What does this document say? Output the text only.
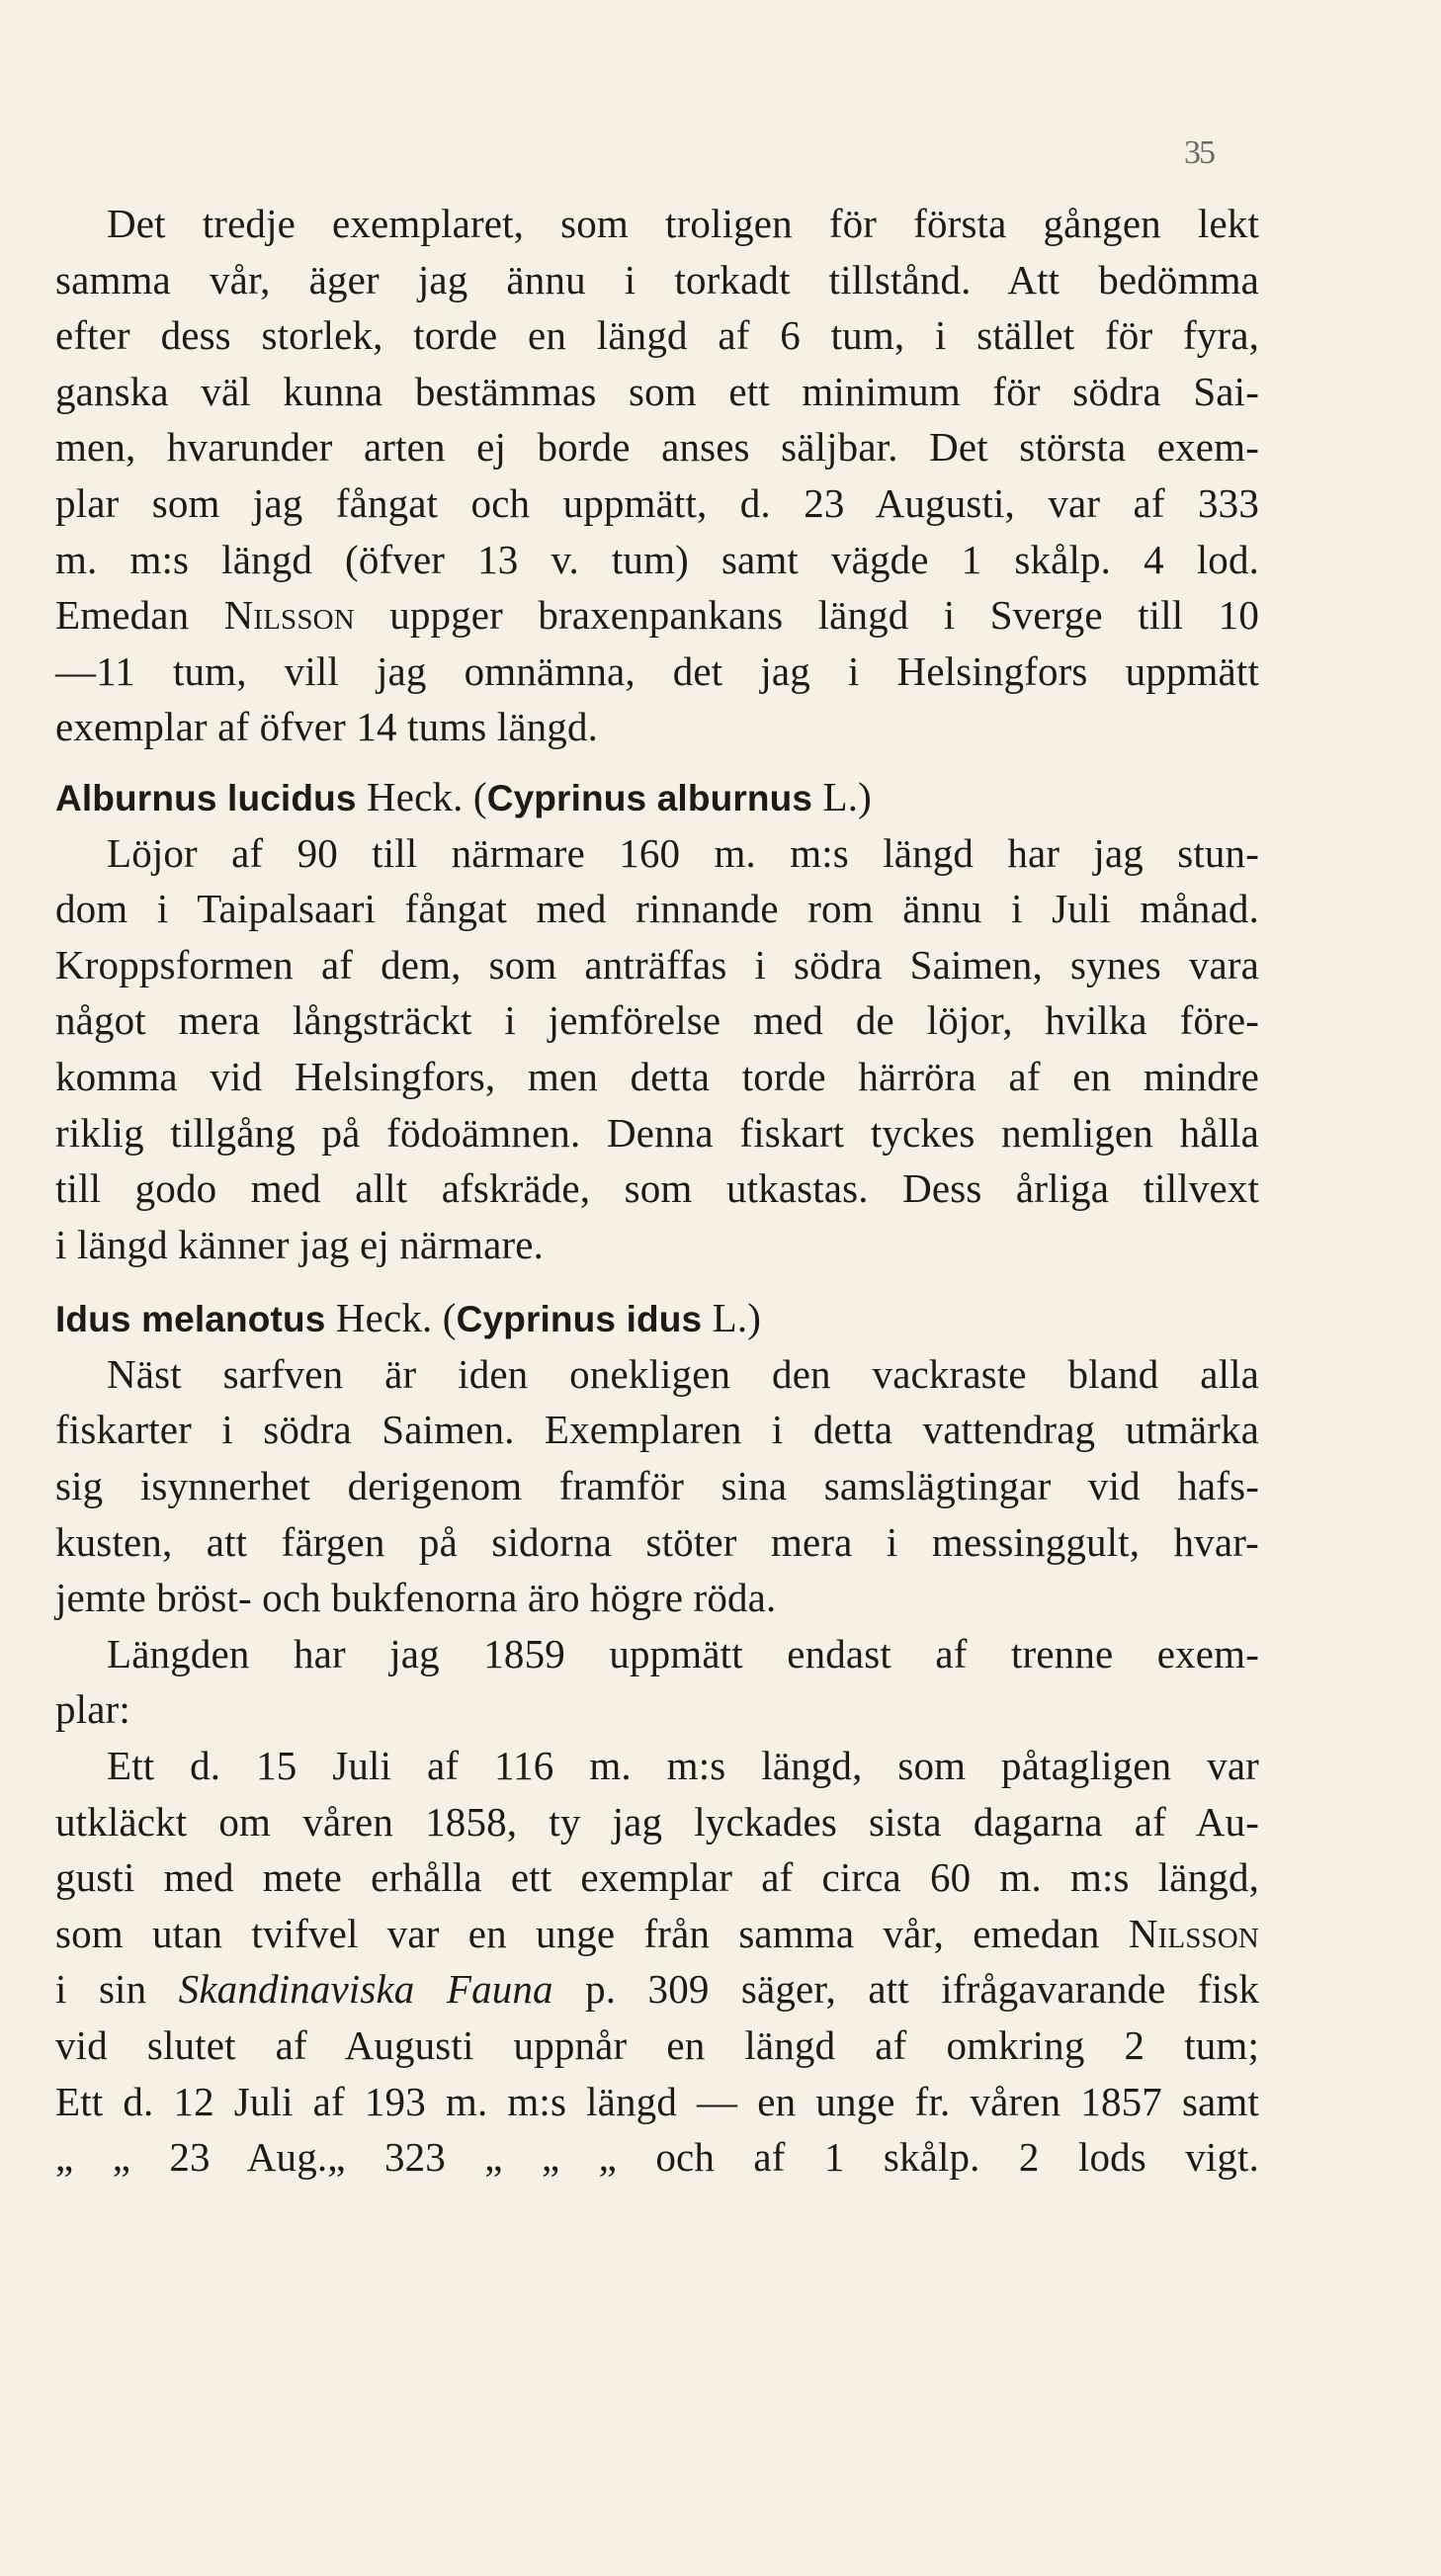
35
Det tredje exemplaret, som troligen för första gången lekt
samma vår, äger jag ännu i torkadt tillstånd. Att bedömma
efter dess storlek, torde en längd af 6 tum, i stället för fyra,
ganska väl kunna bestämmas som ett minimum för södra Sai-
men, hvarunder arten ej borde anses säljbar. Det största exem-
plar som jag fångat och uppmätt, d. 23 Augusti, var af 333
m. m:s längd (öfver 13 v. tum) samt vägde 1 skålp. 4 lod.
Emedan Nilsson uppger braxenpankans längd i Sverge till 10
—11 tum, vill jag omnämna, det jag i Helsingfors uppmätt
exemplar af öfver 14 tums längd.
Alburnus lucidus Heck. (Cyprinus alburnus L.)
Löjor af 90 till närmare 160 m. m:s längd har jag stun-
dom i Taipalsaari fångat med rinnande rom ännu i Juli månad.
Kroppsformen af dem, som anträffas i södra Saimen, synes vara
något mera långsträckt i jemförelse med de löjor, hvilka före-
komma vid Helsingfors, men detta torde härröra af en mindre
riklig tillgång på födoämnen. Denna fiskart tyckes nemligen hålla
till godo med allt afskräde, som utkastas. Dess årliga tillvext
i längd känner jag ej närmare.
Idus melanotus Heck. (Cyprinus idus L.)
Näst sarfven är iden onekligen den vackraste bland alla
fiskarter i södra Saimen. Exemplaren i detta vattendrag utmärka
sig isynnerhet derigenom framför sina samslägtingar vid hafs-
kusten, att färgen på sidorna stöter mera i messinggult, hvar-
jemte bröst- och bukfenorna äro högre röda.
Längden har jag 1859 uppmätt endast af trenne exem-
plar:
Ett d. 15 Juli af 116 m. m:s längd, som påtagligen var
utkläckt om våren 1858, ty jag lyckades sista dagarna af Au-
gusti med mete erhålla ett exemplar af circa 60 m. m:s längd,
som utan tvifvel var en unge från samma vår, emedan Nilsson
i sin Skandinaviska Fauna p. 309 säger, att ifrågavarande fisk
vid slutet af Augusti uppnår en längd af omkring 2 tum;
Ett d. 12 Juli af 193 m. m:s längd — en unge fr. våren 1857 samt
„ „ 23 Aug.„ 323 „ „ „ och af 1 skålp. 2 lods vigt.
